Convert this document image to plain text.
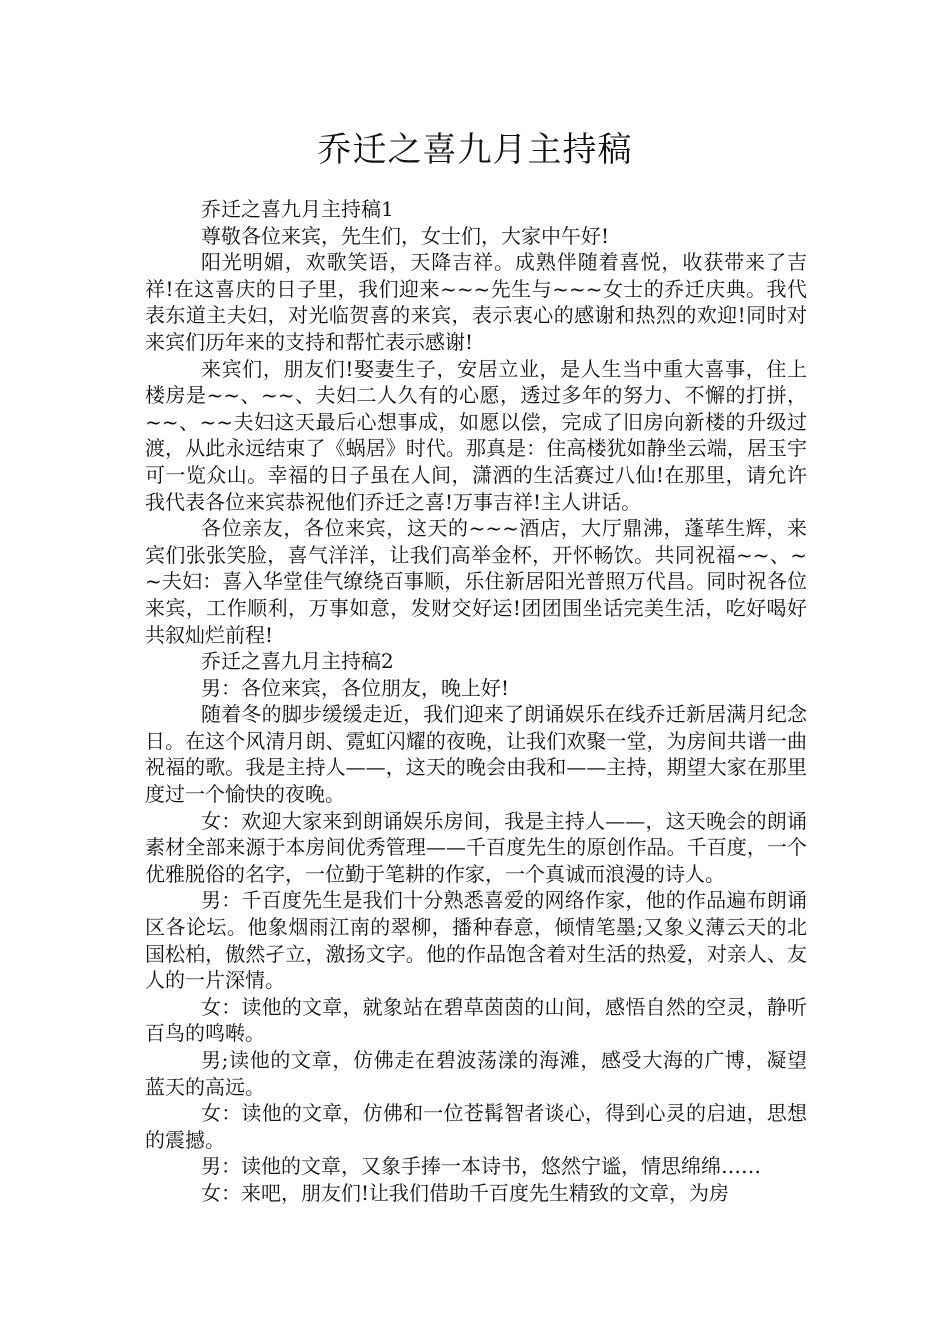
乔迁之喜九月主持稿

乔迁之喜九月主持稿1

尊敬各位来宾，先生们，女士们，大家中午好!

阳光明媚，欢歌笑语，天降吉祥。成熟伴随着喜悦，收获带来了吉祥!在这喜庆的日子里，我们迎来~~~先生与~~~女士的乔迁庆典。我代表东道主夫妇，对光临贺喜的来宾，表示衷心的感谢和热烈的欢迎!同时对来宾们历年来的支持和帮忙表示感谢!

来宾们，朋友们!娶妻生子，安居立业，是人生当中重大喜事，住上楼房是~~、~~、夫妇二人久有的心愿，透过多年的努力、不懈的打拼，~~、~~夫妇这天最后心想事成，如愿以偿，完成了旧房向新楼的升级过渡，从此永远结束了《蜗居》时代。那真是：住高楼犹如静坐云端，居玉宇可一览众山。幸福的日子虽在人间，潇洒的生活赛过八仙!在那里，请允许我代表各位来宾恭祝他们乔迁之喜!万事吉祥!主人讲话。

各位亲友，各位来宾，这天的~~~酒店，大厅鼎沸，蓬荜生辉，来宾们张张笑脸，喜气洋洋，让我们高举金杯，开怀畅饮。共同祝福~~、~~夫妇：喜入华堂佳气缭绕百事顺，乐住新居阳光普照万代昌。同时祝各位来宾，工作顺利，万事如意，发财交好运!团团围坐话完美生活，吃好喝好共叙灿烂前程!

乔迁之喜九月主持稿2

男：各位来宾，各位朋友，晚上好!

随着冬的脚步缓缓走近，我们迎来了朗诵娱乐在线乔迁新居满月纪念日。在这个风清月朗、霓虹闪耀的夜晚，让我们欢聚一堂，为房间共谱一曲祝福的歌。我是主持人——，这天的晚会由我和——主持，期望大家在那里度过一个愉快的夜晚。

女：欢迎大家来到朗诵娱乐房间，我是主持人——，这天晚会的朗诵素材全部来源于本房间优秀管理——千百度先生的原创作品。千百度，一个优雅脱俗的名字，一位勤于笔耕的作家，一个真诚而浪漫的诗人。

男：千百度先生是我们十分熟悉喜爱的网络作家，他的作品遍布朗诵区各论坛。他象烟雨江南的翠柳，播种春意，倾情笔墨;又象义薄云天的北国松柏，傲然孑立，激扬文字。他的作品饱含着对生活的热爱，对亲人、友人的一片深情。

女：读他的文章，就象站在碧草茵茵的山间，感悟自然的空灵，静听百鸟的鸣啭。

男;读他的文章，仿佛走在碧波荡漾的海滩，感受大海的广博，凝望蓝天的高远。

女：读他的文章，仿佛和一位苍髯智者谈心，得到心灵的启迪，思想的震撼。

男：读他的文章，又象手捧一本诗书，悠然宁谧，情思绵绵……

女：来吧，朋友们!让我们借助千百度先生精致的文章，为房
